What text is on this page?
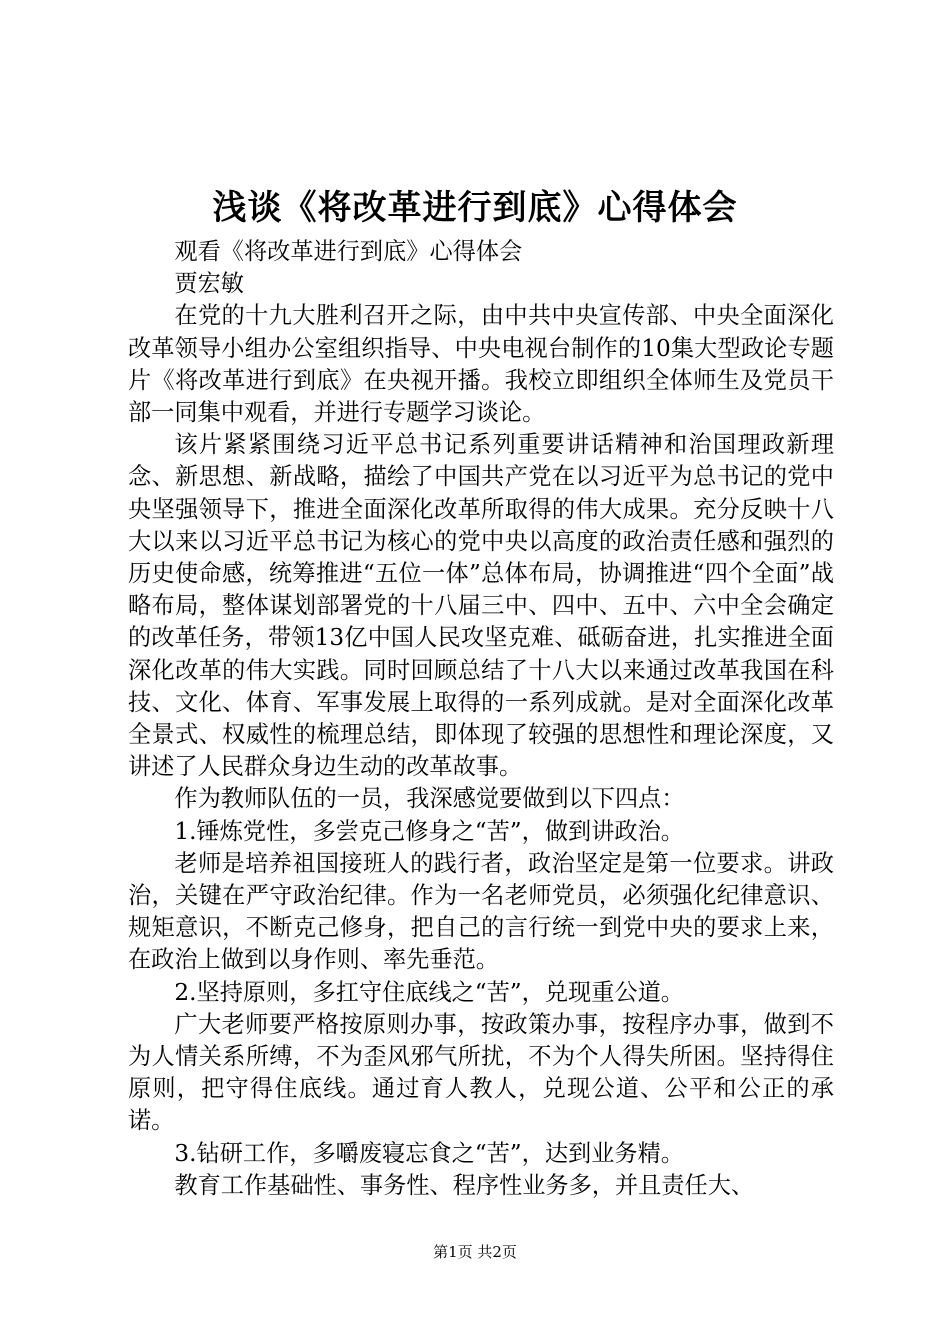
浅谈《将改革进行到底》心得体会

观看《将改革进行到底》心得体会

贾宏敏

在党的十九大胜利召开之际，由中共中央宣传部、中央全面深化改革领导小组办公室组织指导、中央电视台制作的10集大型政论专题片《将改革进行到底》在央视开播。我校立即组织全体师生及党员干部一同集中观看，并进行专题学习谈论。

该片紧紧围绕习近平总书记系列重要讲话精神和治国理政新理念、新思想、新战略，描绘了中国共产党在以习近平为总书记的党中央坚强领导下，推进全面深化改革所取得的伟大成果。充分反映十八大以来以习近平总书记为核心的党中央以高度的政治责任感和强烈的历史使命感，统筹推进“五位一体”总体布局，协调推进“四个全面”战略布局，整体谋划部署党的十八届三中、四中、五中、六中全会确定的改革任务，带领13亿中国人民攻坚克难、砥砺奋进，扎实推进全面深化改革的伟大实践。同时回顾总结了十八大以来通过改革我国在科技、文化、体育、军事发展上取得的一系列成就。是对全面深化改革全景式、权威性的梳理总结，即体现了较强的思想性和理论深度，又讲述了人民群众身边生动的改革故事。

作为教师队伍的一员，我深感觉要做到以下四点：

1.锤炼党性，多尝克己修身之“苦”，做到讲政治。

老师是培养祖国接班人的践行者，政治坚定是第一位要求。讲政治，关键在严守政治纪律。作为一名老师党员，必须强化纪律意识、规矩意识，不断克己修身，把自己的言行统一到党中央的要求上来，在政治上做到以身作则、率先垂范。

2.坚持原则，多扛守住底线之“苦”，兑现重公道。

广大老师要严格按原则办事，按政策办事，按程序办事，做到不为人情关系所缚，不为歪风邪气所扰，不为个人得失所困。坚持得住原则，把守得住底线。通过育人教人，兑现公道、公平和公正的承诺。

3.钻研工作，多嚼废寝忘食之“苦”，达到业务精。

教育工作基础性、事务性、程序性业务多，并且责任大、

第1页 共2页
